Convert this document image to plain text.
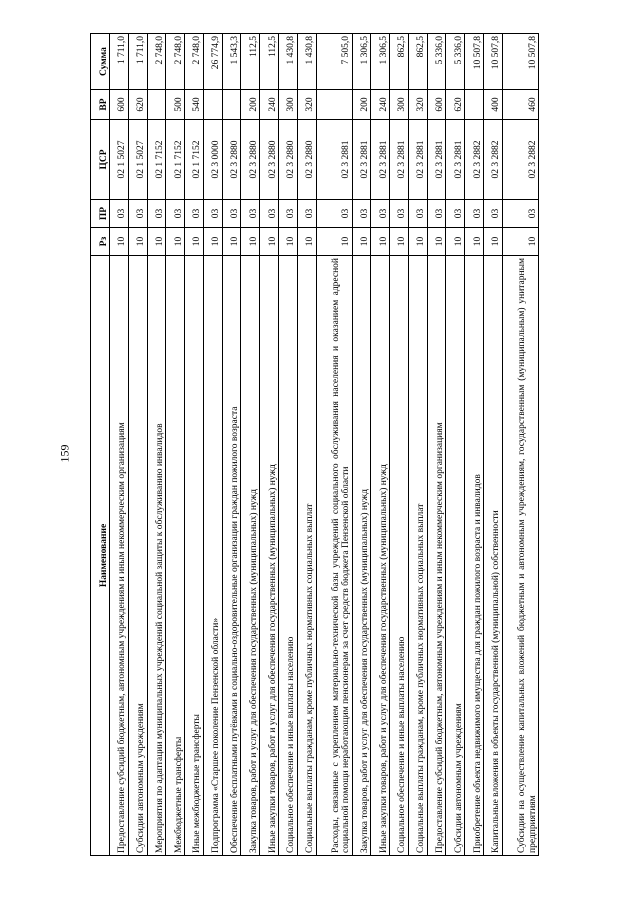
159
Наименование	Рз	ПР	ЦСР	ВР	Сумма
Предоставление субсидий бюджетным, автономным учреждениям и иным некоммерческим организациям	10	03	02 1 5027	600	1 711,0
Субсидии автономным учреждениям	10	03	02 1 5027	620	1 711,0
Мероприятия по адаптации муниципальных учреждений социальной защиты к обслуживанию инвалидов	10	03	02 1 7152		2 748,0
Межбюджетные трансферты	10	03	02 1 7152	500	2 748,0
Иные межбюджетные трансферты	10	03	02 1 7152	540	2 748,0
Подпрограмма «Старшее поколение Пензенской области»	10	03	02 3 0000		26 774,9
Обеспечение бесплатными путёвками в социально-оздоровительные организации граждан пожилого возраста	10	03	02 3 2880		1 543,3
Закупка товаров, работ и услуг для обеспечения государственных (муниципальных) нужд	10	03	02 3 2880	200	112,5
Иные закупки товаров, работ и услуг для обеспечения государственных (муниципальных) нужд	10	03	02 3 2880	240	112,5
Социальное обеспечение и иные выплаты населению	10	03	02 3 2880	300	1 430,8
Социальные выплаты гражданам, кроме публичных нормативных социальных выплат	10	03	02 3 2880	320	1 430,8
Расходы, связанные с укреплением материально-технической базы учреждений социального обслуживания населения и оказанием адресной социальной помощи неработающим пенсионерам за счет средств бюджета Пензенской области	10	03	02 3 2881		7 505,0
Закупка товаров, работ и услуг для обеспечения государственных (муниципальных) нужд	10	03	02 3 2881	200	1 306,5
Иные закупки товаров, работ и услуг для обеспечения государственных (муниципальных) нужд	10	03	02 3 2881	240	1 306,5
Социальное обеспечение и иные выплаты населению	10	03	02 3 2881	300	862,5
Социальные выплаты гражданам, кроме публичных нормативных социальных выплат	10	03	02 3 2881	320	862,5
Предоставление субсидий бюджетным, автономным учреждениям и иным некоммерческим организациям	10	03	02 3 2881	600	5 336,0
Субсидии автономным учреждениям	10	03	02 3 2881	620	5 336,0
Приобретение объекта недвижимого имущества для граждан пожилого возраста и инвалидов	10	03	02 3 2882		10 507,8
Капитальные вложения в объекты государственной (муниципальной) собственности	10	03	02 3 2882	400	10 507,8
Субсидии на осуществление капитальных вложений бюджетным и автономным учреждениям, государственным (муниципальным) унитарным предприятиям	10	03	02 3 2882	460	10 507,8
